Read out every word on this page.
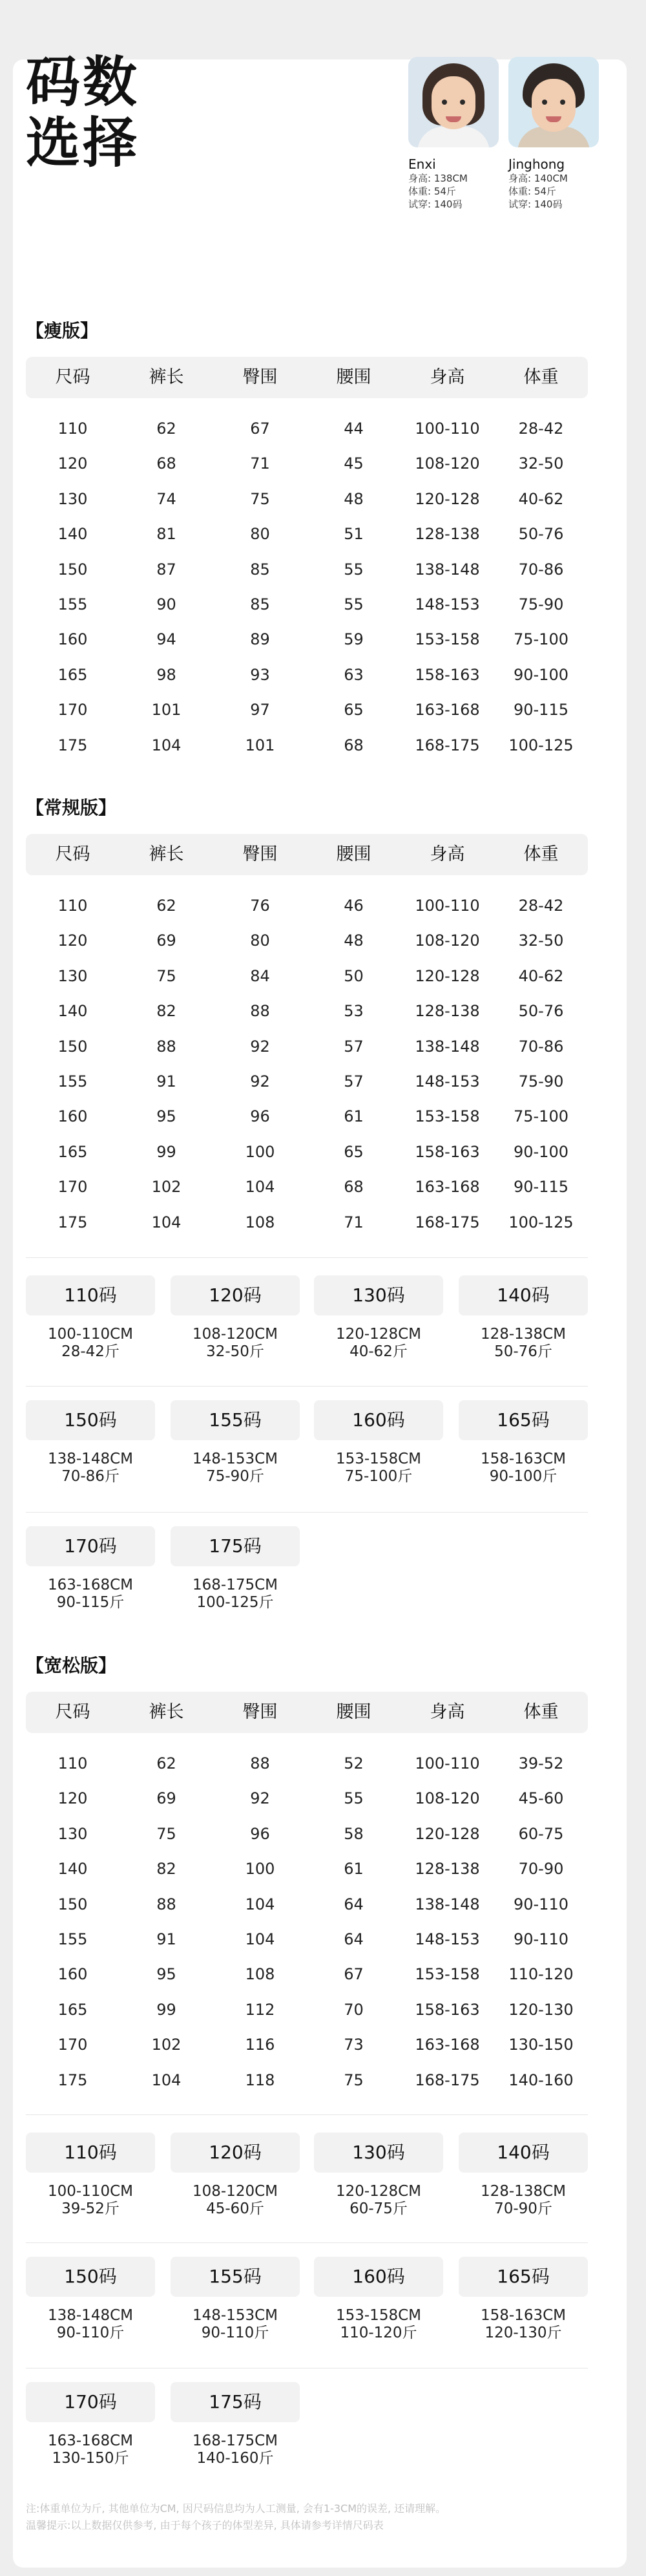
码数
选择	Enxi
身高: 138CM
体重: 54斤
试穿: 140码
Jinghong
身高: 140CM
体重: 54斤
试穿: 140码
【瘦版】
尺码	裤长	臀围	腰围	身高	体重
110	62	67	44	100-110	28-42
120	68	71	45	108-120	32-50
130	74	75	48	120-128	40-62
140	81	80	51	128-138	50-76
150	87	85	55	138-148	70-86
155	90	85	55	148-153	75-90
160	94	89	59	153-158	75-100
165	98	93	63	158-163	90-100
170	101	97	65	163-168	90-115
175	104	101	68	168-175	100-125
【常规版】
尺码	裤长	臀围	腰围	身高	体重
110	62	76	46	100-110	28-42
120	69	80	48	108-120	32-50
130	75	84	50	120-128	40-62
140	82	88	53	128-138	50-76
150	88	92	57	138-148	70-86
155	91	92	57	148-153	75-90
160	95	96	61	153-158	75-100
165	99	100	65	158-163	90-100
170	102	104	68	163-168	90-115
175	104	108	71	168-175	100-125
110码
100-110CM
28-42斤
120码
108-120CM
32-50斤
130码
120-128CM
40-62斤
140码
128-138CM
50-76斤
150码
138-148CM
70-86斤
155码
148-153CM
75-90斤
160码
153-158CM
75-100斤
165码
158-163CM
90-100斤
170码
163-168CM
90-115斤
175码
168-175CM
100-125斤
【宽松版】
尺码	裤长	臀围	腰围	身高	体重
110	62	88	52	100-110	39-52
120	69	92	55	108-120	45-60
130	75	96	58	120-128	60-75
140	82	100	61	128-138	70-90
150	88	104	64	138-148	90-110
155	91	104	64	148-153	90-110
160	95	108	67	153-158	110-120
165	99	112	70	158-163	120-130
170	102	116	73	163-168	130-150
175	104	118	75	168-175	140-160
110码
100-110CM
39-52斤
120码
108-120CM
45-60斤
130码
120-128CM
60-75斤
140码
128-138CM
70-90斤
150码
138-148CM
90-110斤
155码
148-153CM
90-110斤
160码
153-158CM
110-120斤
165码
158-163CM
120-130斤
170码
163-168CM
130-150斤
175码
168-175CM
140-160斤
注:体重单位为斤, 其他单位为CM, 因尺码信息均为人工测量, 会有1-3CM的误差, 还请理解。
温馨提示:以上数据仅供参考, 由于每个孩子的体型差异, 具体请参考详情尺码表
